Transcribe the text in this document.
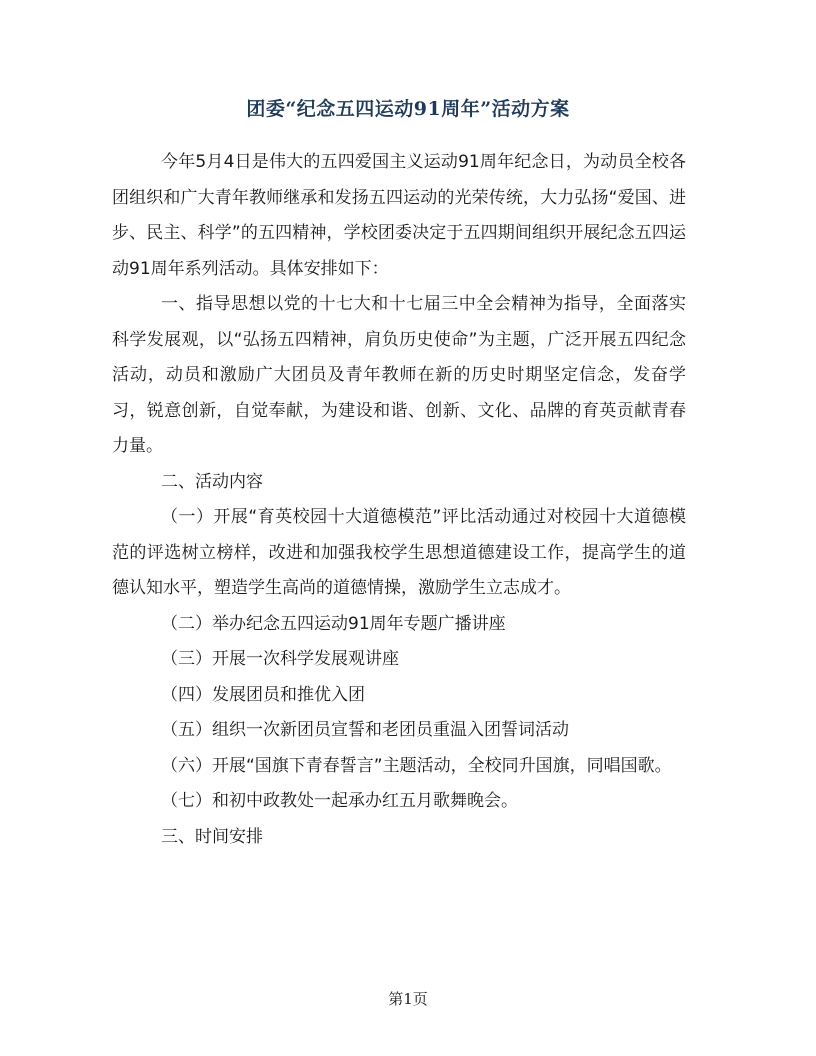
团委“纪念五四运动91周年”活动方案

今年5月4日是伟大的五四爱国主义运动91周年纪念日，为动员全校各团组织和广大青年教师继承和发扬五四运动的光荣传统，大力弘扬“爱国、进步、民主、科学”的五四精神，学校团委决定于五四期间组织开展纪念五四运动91周年系列活动。具体安排如下：

一、指导思想以党的十七大和十七届三中全会精神为指导，全面落实科学发展观，以“弘扬五四精神，肩负历史使命”为主题，广泛开展五四纪念活动，动员和激励广大团员及青年教师在新的历史时期坚定信念，发奋学习，锐意创新，自觉奉献，为建设和谐、创新、文化、品牌的育英贡献青春力量。

二、活动内容

（一）开展“育英校园十大道德模范”评比活动通过对校园十大道德模范的评选树立榜样，改进和加强我校学生思想道德建设工作，提高学生的道德认知水平，塑造学生高尚的道德情操，激励学生立志成才。

（二）举办纪念五四运动91周年专题广播讲座

（三）开展一次科学发展观讲座

（四）发展团员和推优入团

（五）组织一次新团员宣誓和老团员重温入团誓词活动

（六）开展“国旗下青春誓言”主题活动，全校同升国旗，同唱国歌。

（七）和初中政教处一起承办红五月歌舞晚会。

三、时间安排

第1页
